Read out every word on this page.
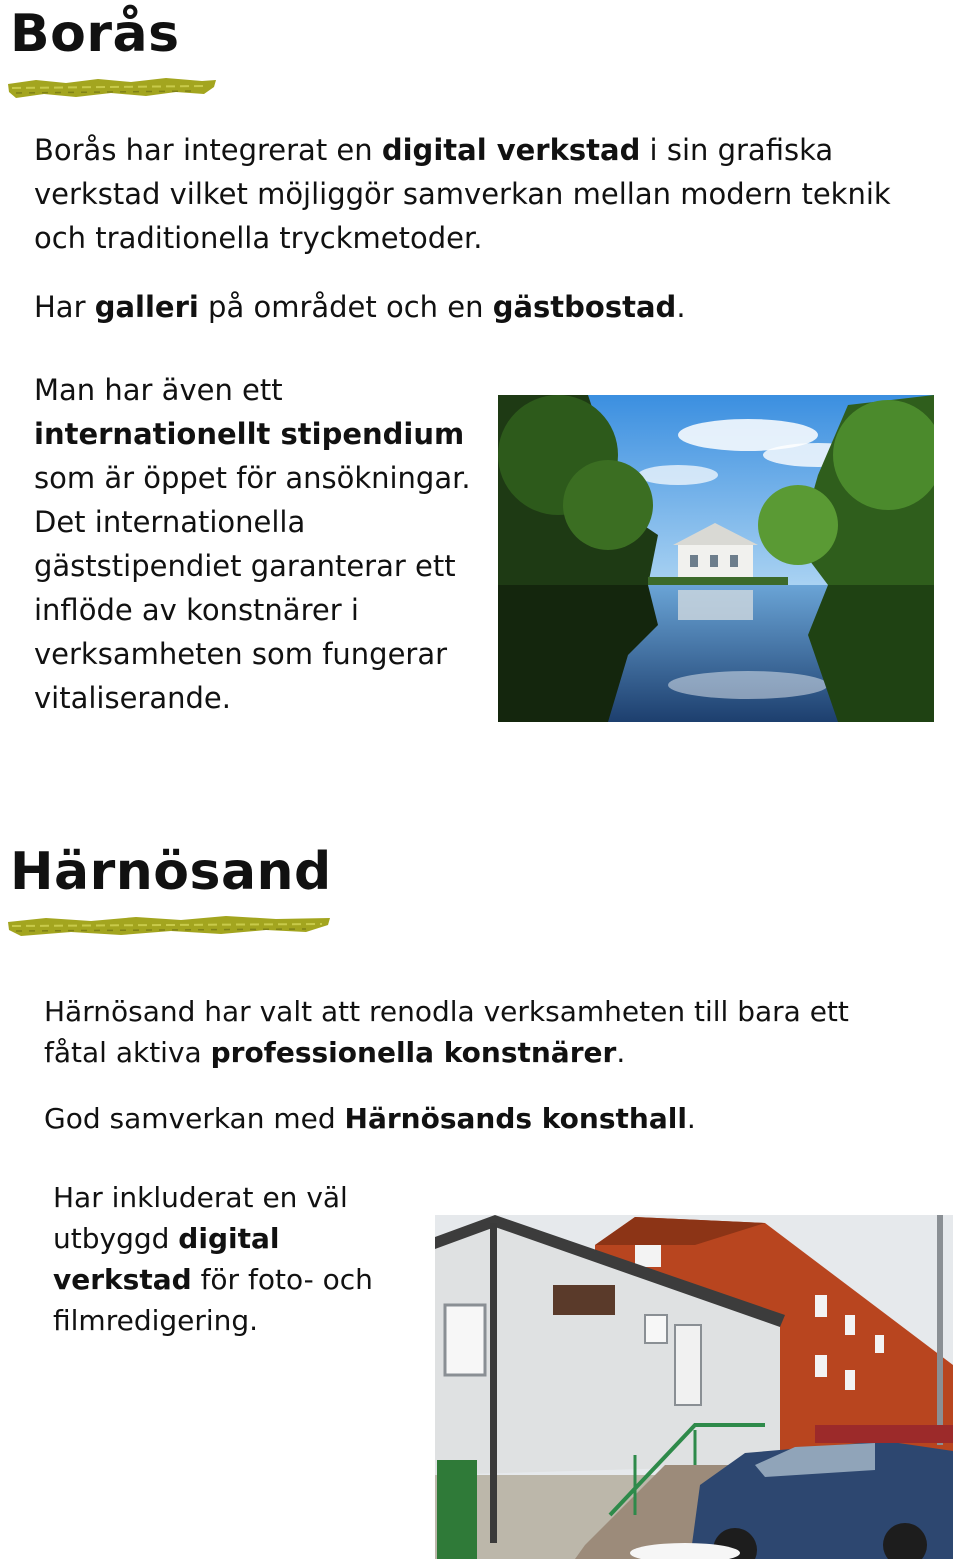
Borås

Borås har integrerat en digital verkstad i sin grafiska verkstad vilket möjliggör samverkan mellan modern teknik och traditionella tryckmetoder.

Har galleri på området och en gästbostad.

Man har även ett internationellt stipendium som är öppet för ansökningar. Det internationella gäststipendiet garanterar ett inflöde av konstnärer i verksamheten som fungerar vitaliserande.

Härnösand

Härnösand har valt att renodla verksamheten till bara ett fåtal aktiva professionella konstnärer.

God samverkan med Härnösands konsthall.

Har inkluderat en väl utbyggd digital verkstad för foto- och filmredigering.
